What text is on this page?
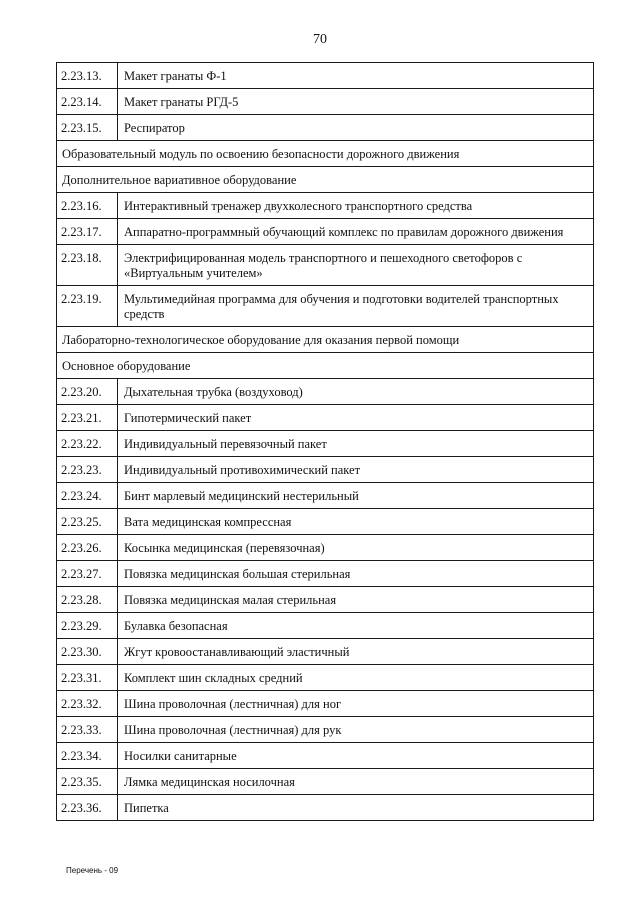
70
2.23.13.	Макет гранаты Ф-1
2.23.14.	Макет гранаты РГД-5
2.23.15.	Респиратор
Образовательный модуль по освоению безопасности дорожного движения	
Дополнительное вариативное оборудование	
2.23.16.	Интерактивный тренажер двухколесного транспортного средства
2.23.17.	Аппаратно-программный обучающий комплекс по правилам дорожного движения
2.23.18.	Электрифицированная модель транспортного и пешеходного светофоров с «Виртуальным учителем»
2.23.19.	Мультимедийная программа для обучения и подготовки водителей транспортных средств
Лабораторно-технологическое оборудование для оказания первой помощи	
Основное оборудование	
2.23.20.	Дыхательная трубка (воздуховод)
2.23.21.	Гипотермический пакет
2.23.22.	Индивидуальный перевязочный пакет
2.23.23.	Индивидуальный противохимический пакет
2.23.24.	Бинт марлевый медицинский нестерильный
2.23.25.	Вата медицинская компрессная
2.23.26.	Косынка медицинская (перевязочная)
2.23.27.	Повязка медицинская большая стерильная
2.23.28.	Повязка медицинская малая стерильная
2.23.29.	Булавка безопасная
2.23.30.	Жгут кровоостанавливающий эластичный
2.23.31.	Комплект шин складных средний
2.23.32.	Шина проволочная (лестничная) для ног
2.23.33.	Шина проволочная (лестничная) для рук
2.23.34.	Носилки санитарные
2.23.35.	Лямка медицинская носилочная
2.23.36.	Пипетка
Перечень - 09
